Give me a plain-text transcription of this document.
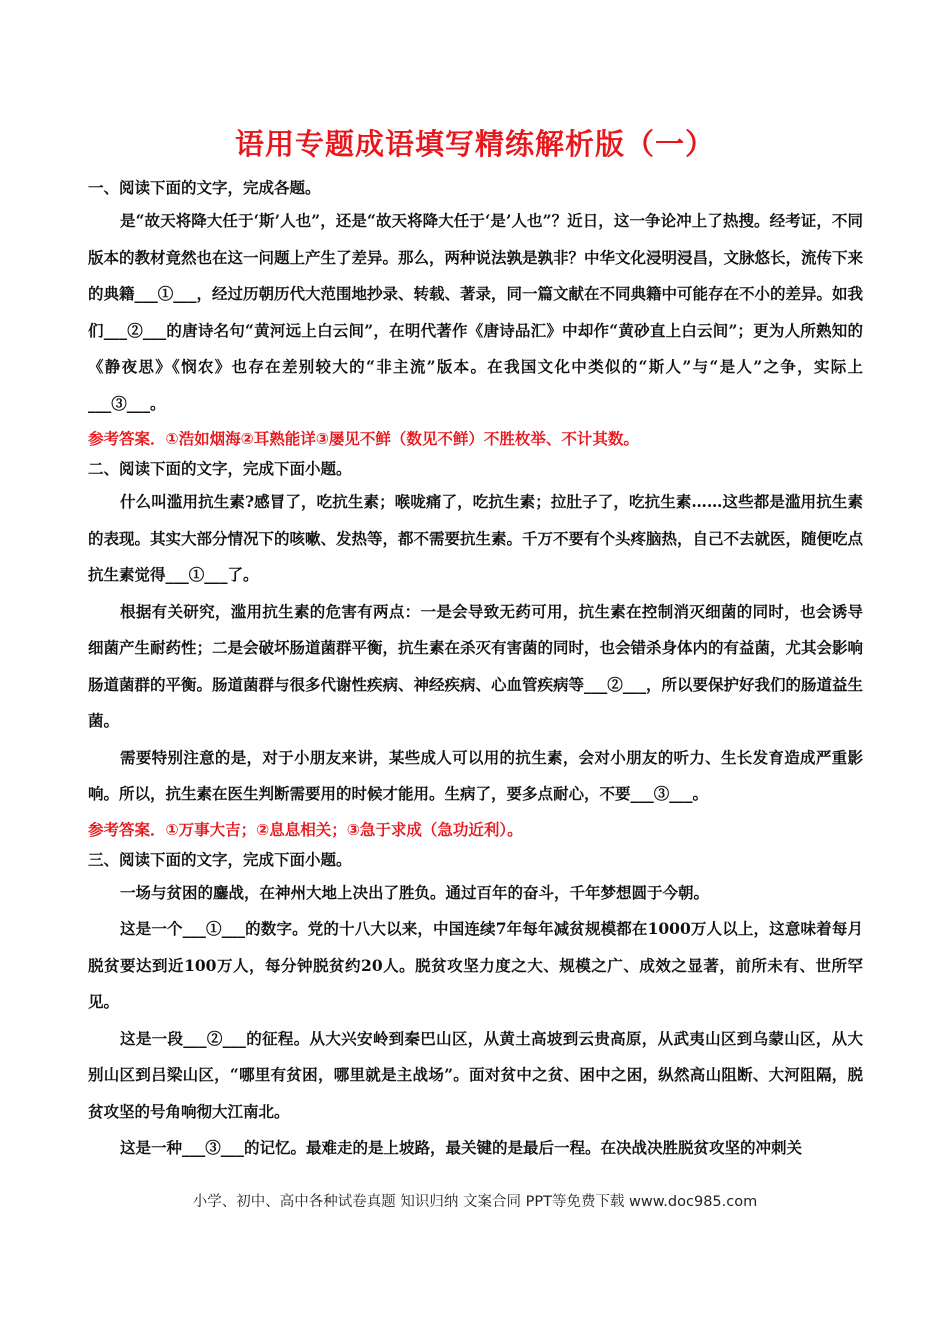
语用专题成语填写精练解析版（一）

一、阅读下面的文字，完成各题。

是“故天将降大任于‘斯’人也”，还是“故天将降大任于‘是’人也”？近日，这一争论冲上了热搜。经考证，不同版本的教材竟然也在这一问题上产生了差异。那么，两种说法孰是孰非？中华文化浸明浸昌，文脉悠长，流传下来的典籍___①___，经过历朝历代大范围地抄录、转载、著录，同一篇文献在不同典籍中可能存在不小的差异。如我们___②___的唐诗名句“黄河远上白云间”，在明代著作《唐诗品汇》中却作“黄砂直上白云间”；更为人所熟知的《静夜思》《悯农》也存在差别较大的“非主流”版本。在我国文化中类似的“斯人”与“是人”之争，实际上___③___。

参考答案．①浩如烟海②耳熟能详③屡见不鲜（数见不鲜）不胜枚举、不计其数。

二、阅读下面的文字，完成下面小题。

什么叫滥用抗生素?感冒了，吃抗生素；喉咙痛了，吃抗生素；拉肚子了，吃抗生素……这些都是滥用抗生素的表现。其实大部分情况下的咳嗽、发热等，都不需要抗生素。千万不要有个头疼脑热，自己不去就医，随便吃点抗生素觉得___①___了。

根据有关研究，滥用抗生素的危害有两点：一是会导致无药可用，抗生素在控制消灭细菌的同时，也会诱导细菌产生耐药性；二是会破坏肠道菌群平衡，抗生素在杀灭有害菌的同时，也会错杀身体内的有益菌，尤其会影响肠道菌群的平衡。肠道菌群与很多代谢性疾病、神经疾病、心血管疾病等___②___，所以要保护好我们的肠道益生菌。

需要特别注意的是，对于小朋友来讲，某些成人可以用的抗生素，会对小朋友的听力、生长发育造成严重影响。所以，抗生素在医生判断需要用的时候才能用。生病了，要多点耐心，不要___③___。

参考答案．①万事大吉；②息息相关；③急于求成（急功近利）。

三、阅读下面的文字，完成下面小题。

一场与贫困的鏖战，在神州大地上决出了胜负。通过百年的奋斗，千年梦想圆于今朝。

这是一个___①___的数字。党的十八大以来，中国连续7年每年减贫规模都在1000万人以上，这意味着每月脱贫要达到近100万人，每分钟脱贫约20人。脱贫攻坚力度之大、规模之广、成效之显著，前所未有、世所罕见。

这是一段___②___的征程。从大兴安岭到秦巴山区，从黄土高坡到云贵高原，从武夷山区到乌蒙山区，从大别山区到吕梁山区，“哪里有贫困，哪里就是主战场”。面对贫中之贫、困中之困，纵然高山阻断、大河阻隔，脱贫攻坚的号角响彻大江南北。

这是一种___③___的记忆。最难走的是上坡路，最关键的是最后一程。在决战决胜脱贫攻坚的冲刺关

小学、初中、高中各种试卷真题 知识归纳 文案合同 PPT等免费下载 www.doc985.com
